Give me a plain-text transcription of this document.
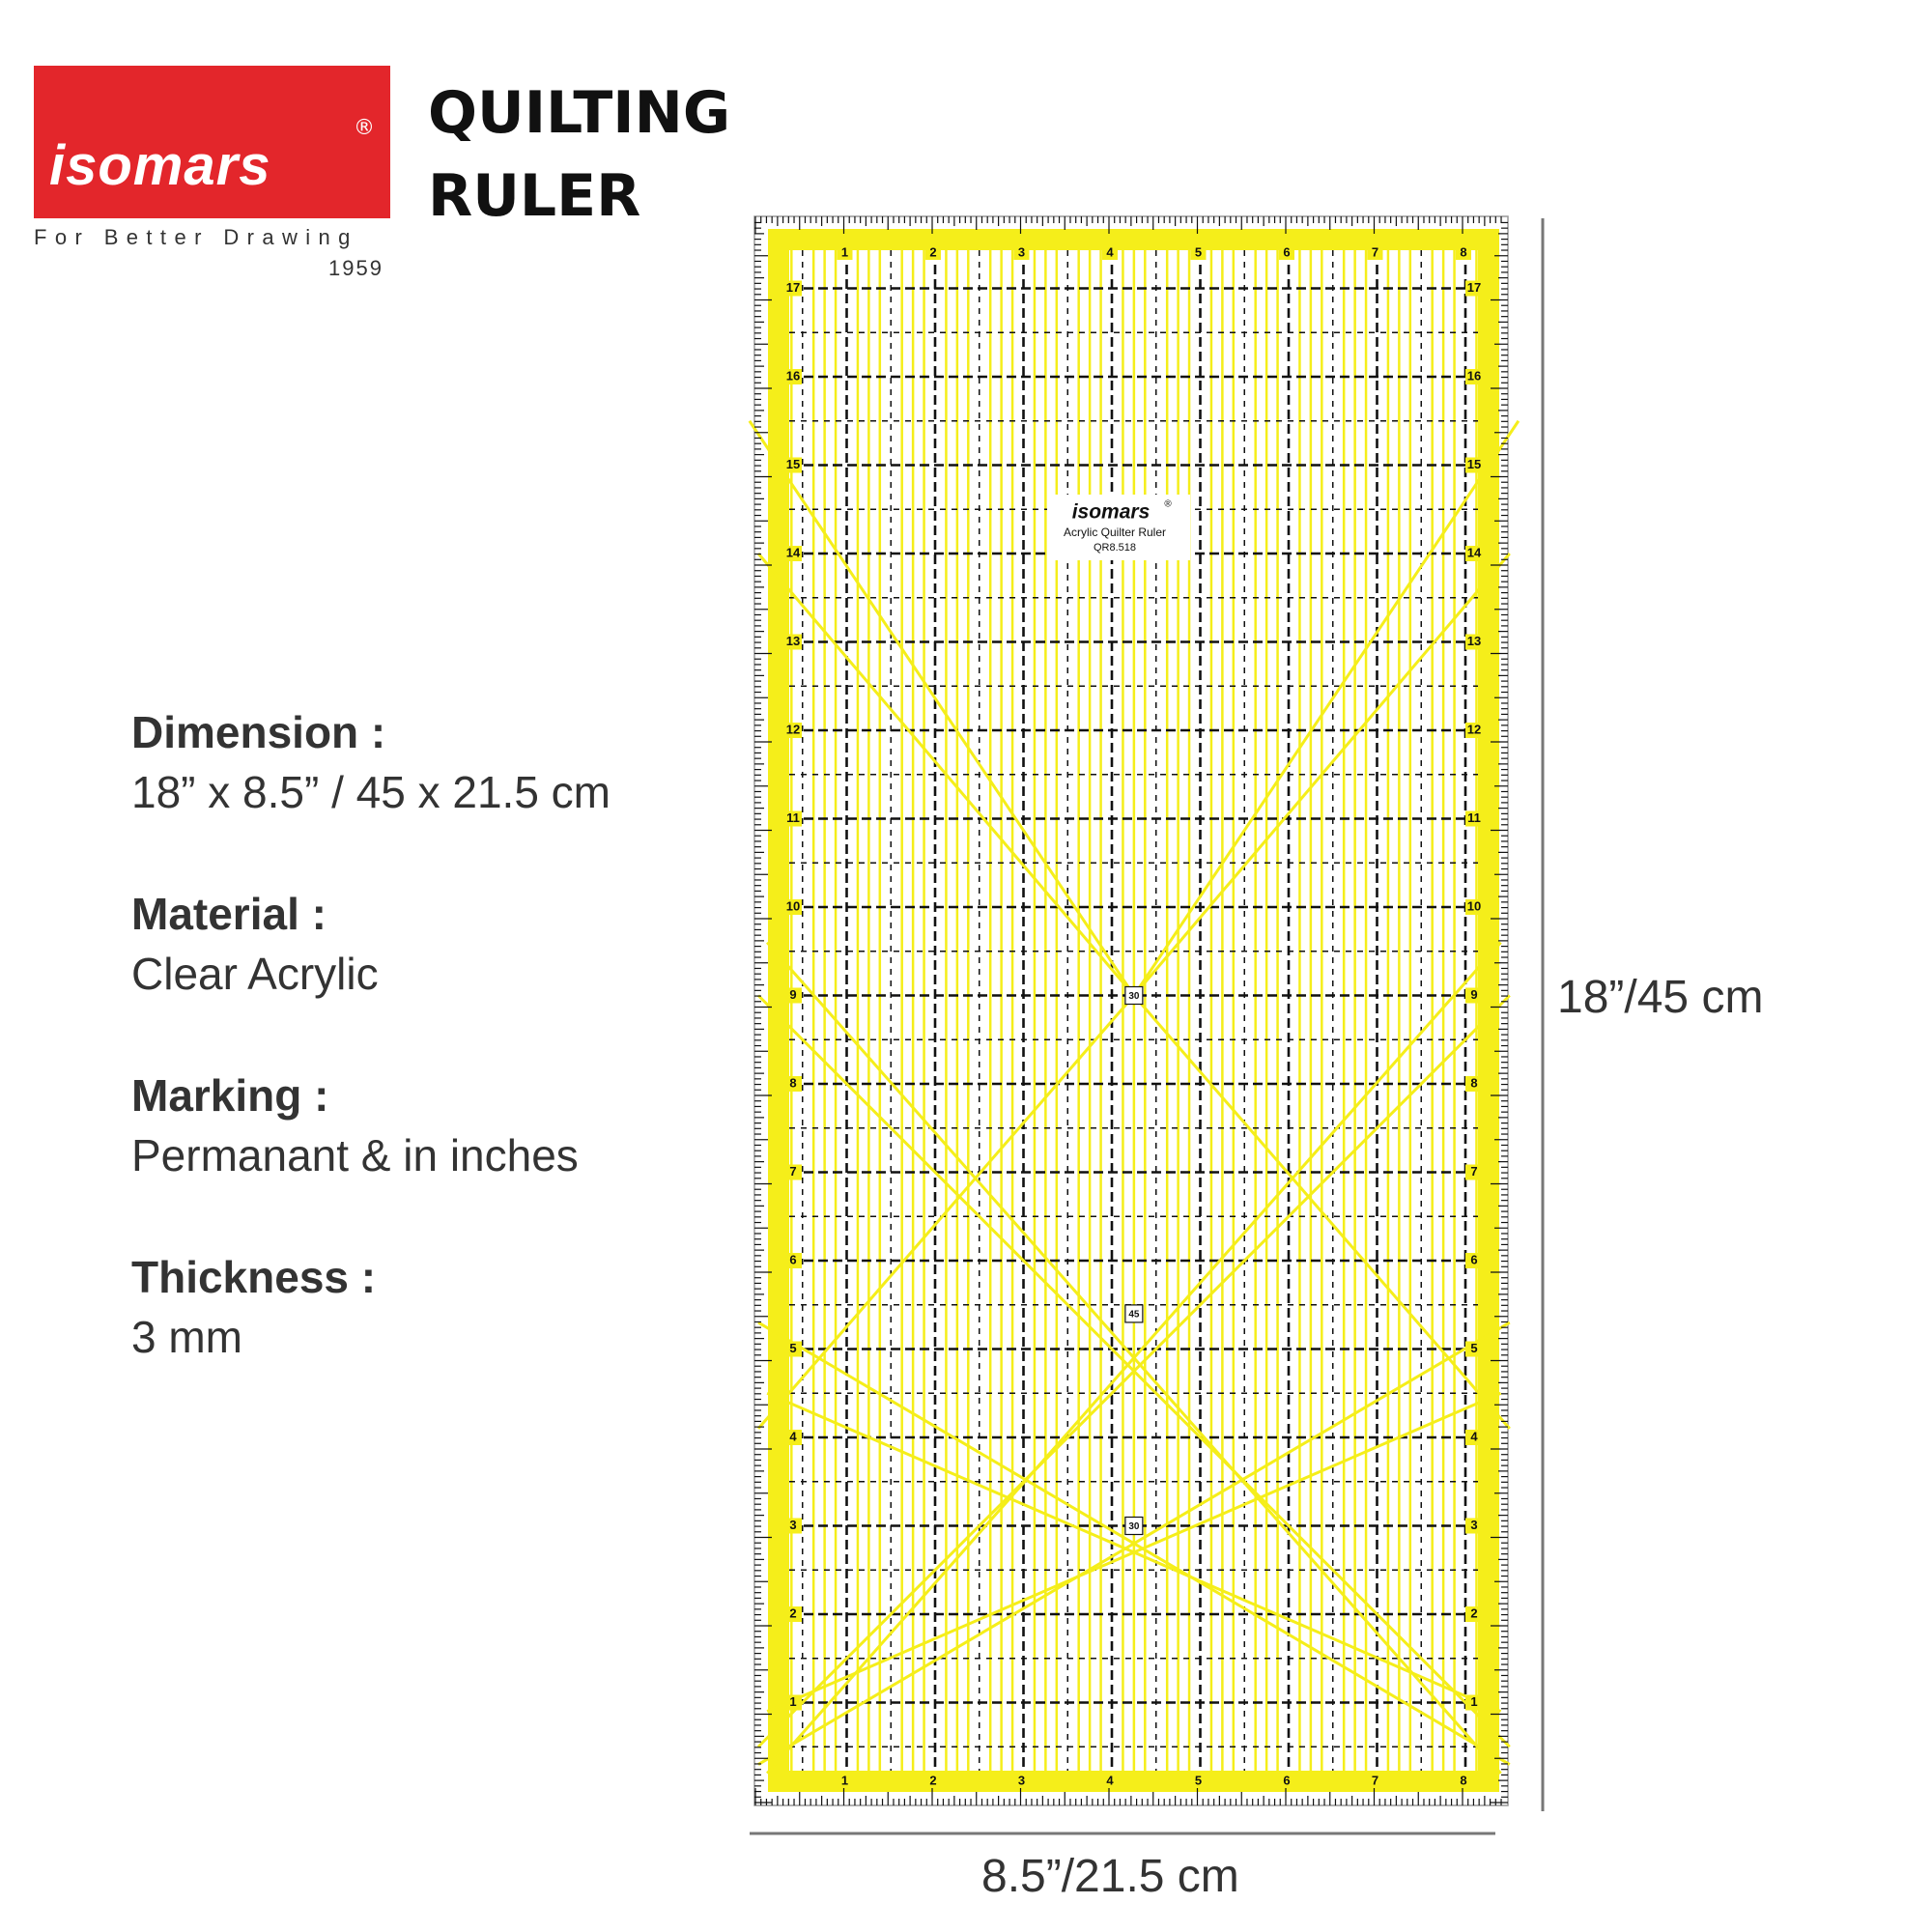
isomars
®
For Better Drawing
1959
QUILTING
RULER
Dimension :
18” x 8.5” / 45 x 21.5 cm
Material :
Clear Acrylic
Marking :
Permanant & in inches
Thickness :
3 mm
30
45
30
1
1
2
2
3
3
4
4
5
5
6
6
7
7
8
8
1	1
2	2
3	3
4	4
5	5
6	6
7	7
8	8
9	9
10	10
11	11
12	12
13	13
14	14
15	15
16	16
17	17
isomars ®
Acrylic Quilter Ruler
QR8.518
18”/45 cm
8.5”/21.5 cm
